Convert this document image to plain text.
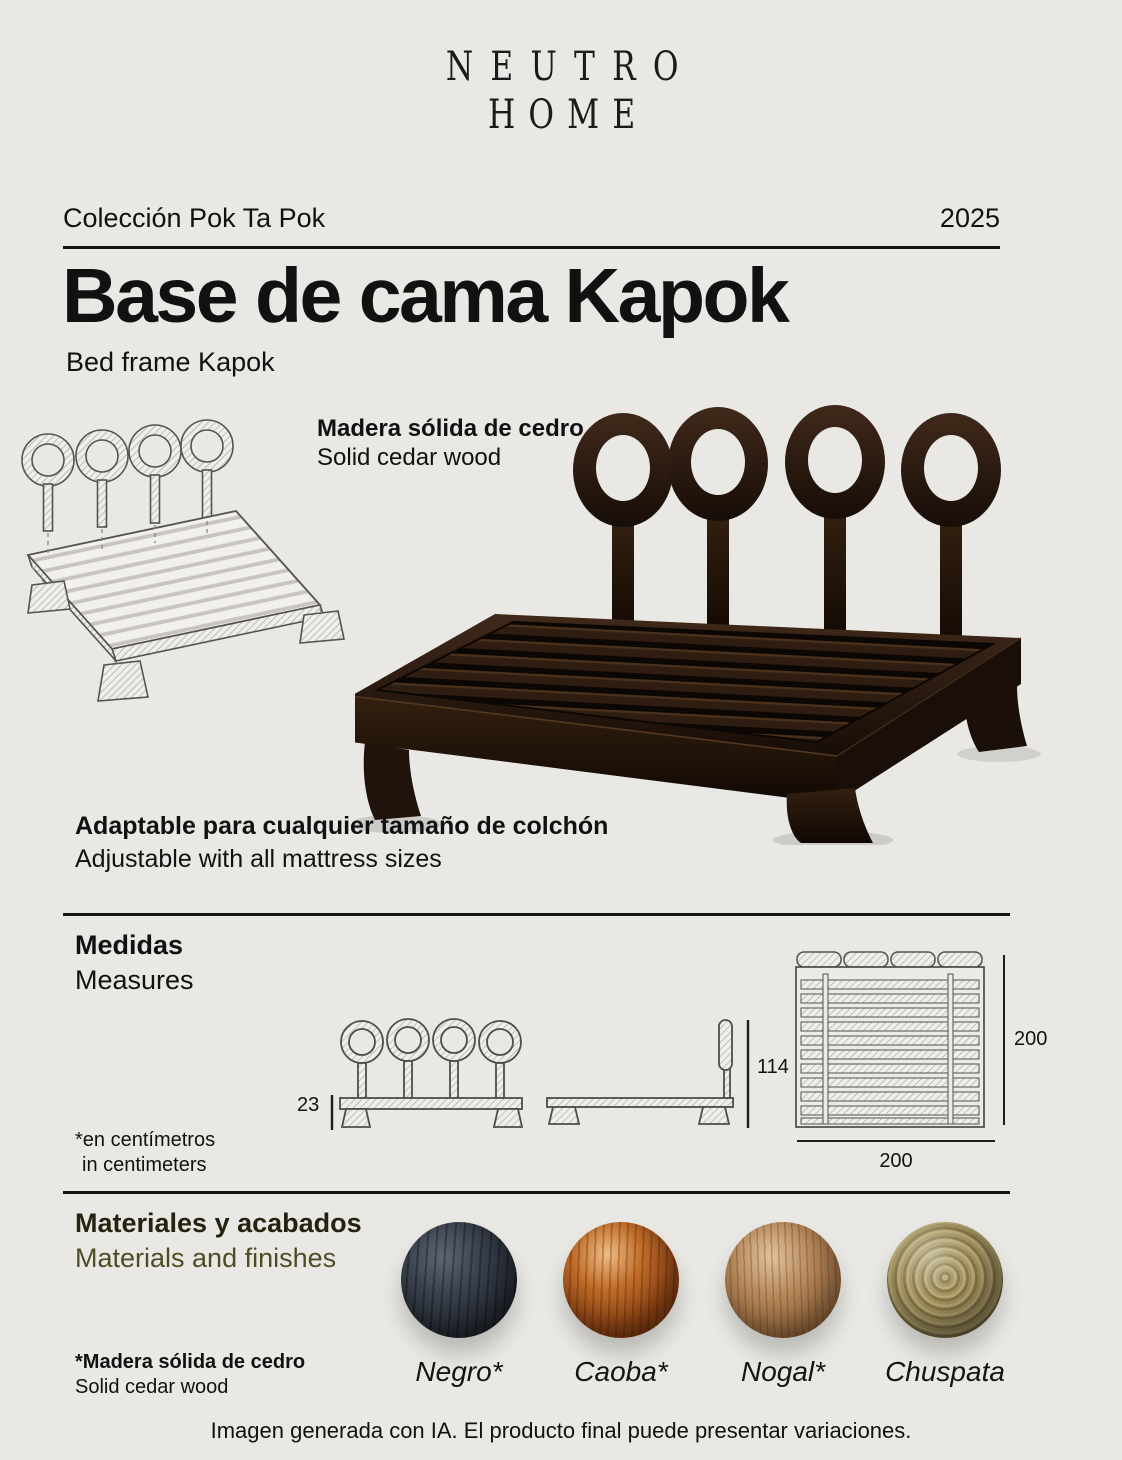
NEUTRO
HOME
Colección Pok Ta Pok	2025
Base de cama Kapok
Bed frame Kapok
Madera sólida de cedro
Solid cedar wood
Adaptable para cualquier tamaño de colchón
Adjustable with all mattress sizes
Medidas
Measures
23
114
200
200
*en centímetros
in centimeters
Materiales y acabados
Materials and finishes
Negro*	Caoba*	Nogal* Chuspata
*Madera sólida de cedro
Solid cedar wood
Imagen generada con IA. El producto final puede presentar variaciones.
